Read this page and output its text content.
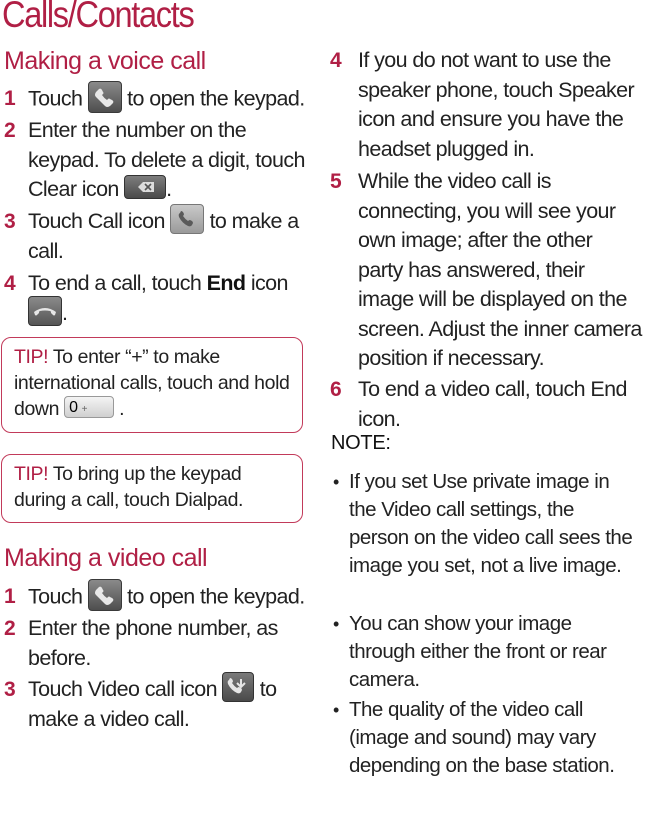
Calls/Contacts
Making a voice call
1 Touch to open the keypad.
2 Enter the number on the keypad. To delete a digit, touch Clear icon .
3 Touch Call icon to make a call.
4 To end a call, touch End icon

.
TIP! To enter “+” to make international calls, touch and hold down 0 + .
TIP! To bring up the keypad during a call, touch Dialpad.
Making a video call
1 Touch to open the keypad.
2 Enter the phone number, as before.
3 Touch Video call icon to make a video call.
4 If you do not want to use the speaker phone, touch Speaker icon and ensure you have the headset plugged in.
5 While the video call is connecting, you will see your own image; after the other party has answered, their image will be displayed on the screen. Adjust the inner camera position if necessary.
6 To end a video call, touch End icon.
NOTE:
• If you set Use private image in the Video call settings, the person on the video call sees the image you set, not a live image.
• You can show your image through either the front or rear camera.
• The quality of the video call (image and sound) may vary depending on the base station.
